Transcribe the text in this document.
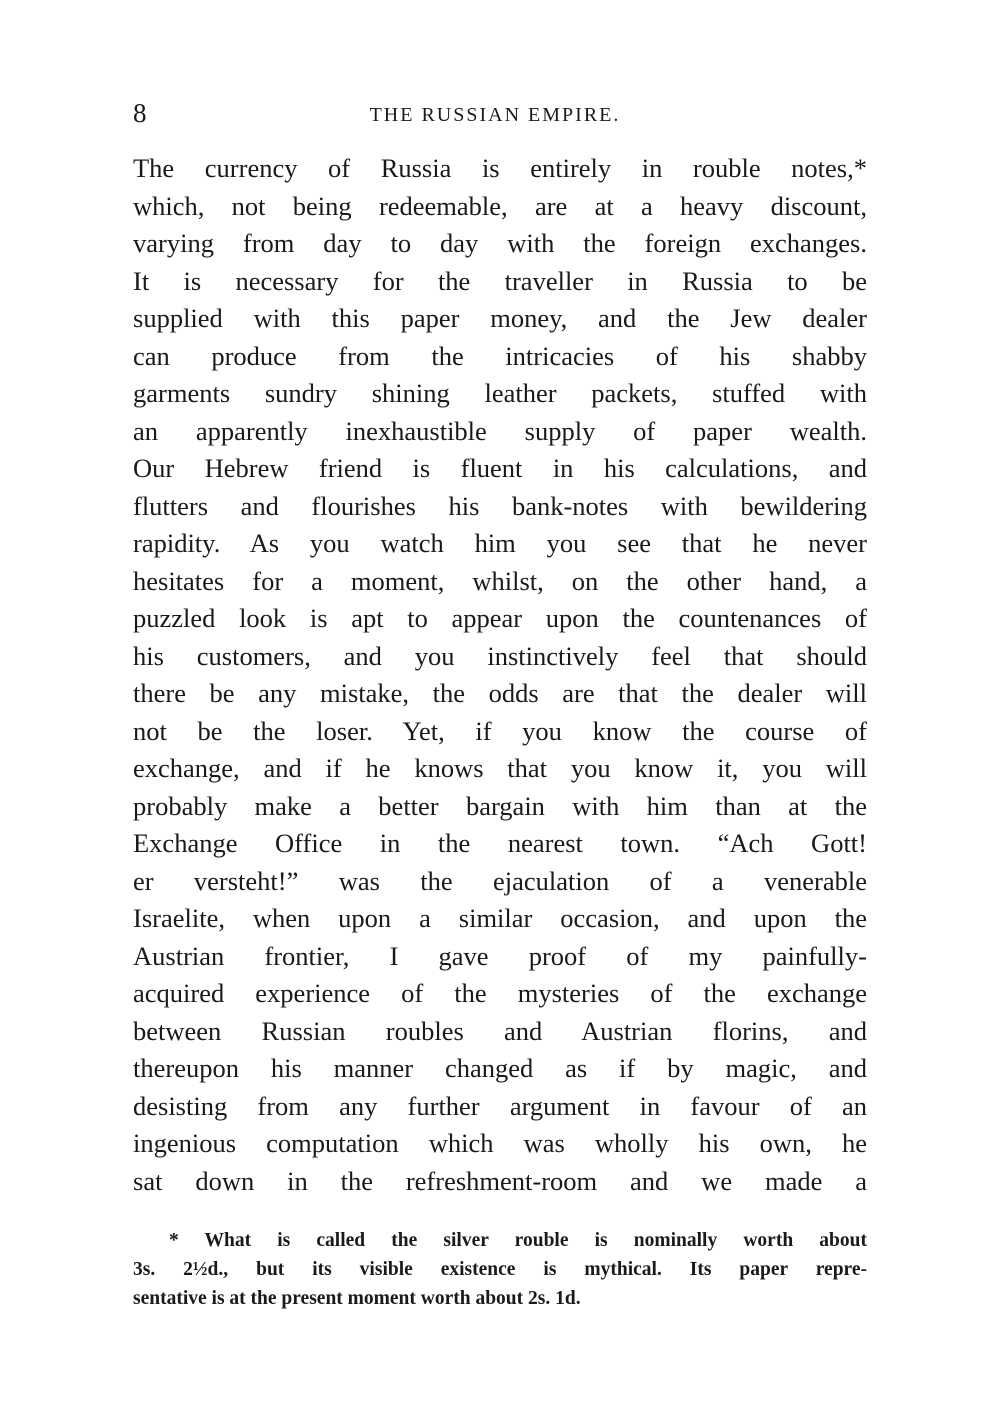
8	THE RUSSIAN EMPIRE.
The currency of Russia is entirely in rouble notes,*
which, not being redeemable, are at a heavy discount,
varying from day to day with the foreign exchanges.
It is necessary for the traveller in Russia to be
supplied with this paper money, and the Jew dealer
can produce from the intricacies of his shabby
garments sundry shining leather packets, stuffed with
an apparently inexhaustible supply of paper wealth.
Our Hebrew friend is fluent in his calculations, and
flutters and flourishes his bank-notes with bewildering
rapidity. As you watch him you see that he never
hesitates for a moment, whilst, on the other hand, a
puzzled look is apt to appear upon the countenances of
his customers, and you instinctively feel that should
there be any mistake, the odds are that the dealer will
not be the loser. Yet, if you know the course of
exchange, and if he knows that you know it, you will
probably make a better bargain with him than at the
Exchange Office in the nearest town. “Ach Gott!
er versteht!” was the ejaculation of a venerable
Israelite, when upon a similar occasion, and upon the
Austrian frontier, I gave proof of my painfully-
acquired experience of the mysteries of the exchange
between Russian roubles and Austrian florins, and
thereupon his manner changed as if by magic, and
desisting from any further argument in favour of an
ingenious computation which was wholly his own, he
sat down in the refreshment-room and we made a
* What is called the silver rouble is nominally worth about
3s. 2½d., but its visible existence is mythical. Its paper repre-
sentative is at the present moment worth about 2s. 1d.
